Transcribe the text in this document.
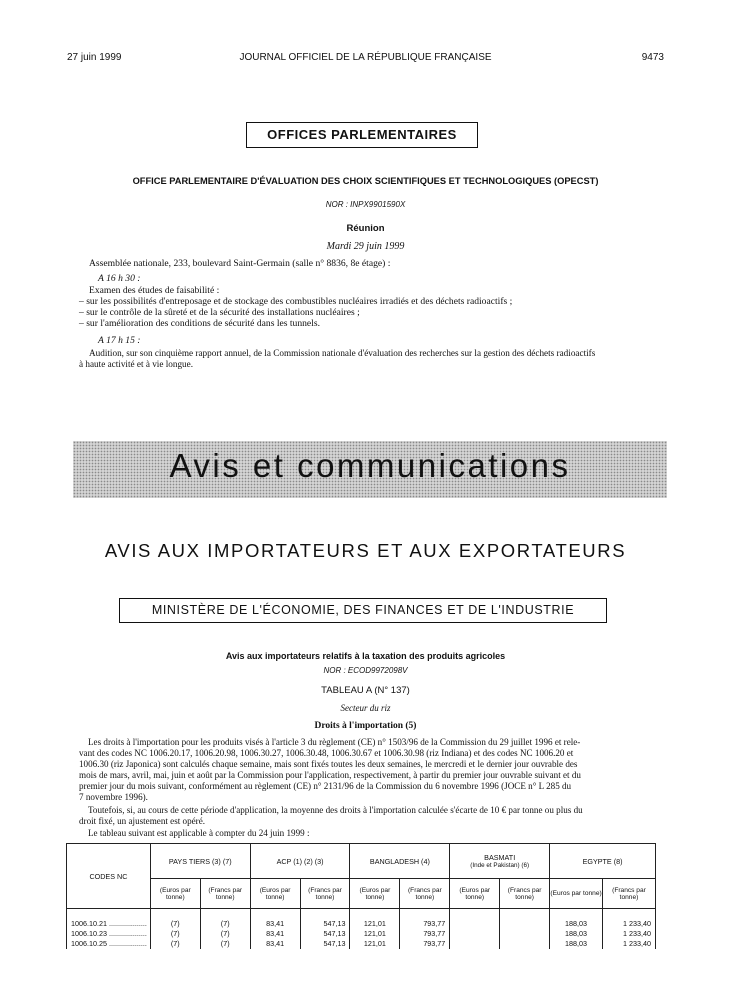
27 juin 1999	JOURNAL OFFICIEL DE LA RÉPUBLIQUE FRANÇAISE	9473
OFFICES PARLEMENTAIRES
OFFICE PARLEMENTAIRE D'ÉVALUATION DES CHOIX SCIENTIFIQUES ET TECHNOLOGIQUES (OPECST)
NOR : INPX9901590X
Réunion
Mardi 29 juin 1999
Assemblée nationale, 233, boulevard Saint-Germain (salle n° 8836, 8e étage) :
A 16 h 30 :
Examen des études de faisabilité :
– sur les possibilités d'entreposage et de stockage des combustibles nucléaires irradiés et des déchets radioactifs ;
– sur le contrôle de la sûreté et de la sécurité des installations nucléaires ;
– sur l'amélioration des conditions de sécurité dans les tunnels.
A 17 h 15 :
Audition, sur son cinquième rapport annuel, de la Commission nationale d'évaluation des recherches sur la gestion des déchets radioactifs
à haute activité et à vie longue.
Avis et communications
AVIS AUX IMPORTATEURS ET AUX EXPORTATEURS
MINISTÈRE DE L'ÉCONOMIE, DES FINANCES ET DE L'INDUSTRIE
Avis aux importateurs relatifs à la taxation des produits agricoles
NOR : ECOD9972098V
TABLEAU A (N° 137)
Secteur du riz
Droits à l'importation (5)
Les droits à l'importation pour les produits visés à l'article 3 du règlement (CE) n° 1503/96 de la Commission du 29 juillet 1996 et rele-
vant des codes NC 1006.20.17, 1006.20.98, 1006.30.27, 1006.30.48, 1006.30.67 et 1006.30.98 (riz Indiana) et des codes NC 1006.20 et
1006.30 (riz Japonica) sont calculés chaque semaine, mais sont fixés toutes les deux semaines, le mercredi et le dernier jour ouvrable des
mois de mars, avril, mai, juin et août par la Commission pour l'application, respectivement, à partir du premier jour ouvrable suivant et du
premier jour du mois suivant, conformément au règlement (CE) n° 2131/96 de la Commission du 6 novembre 1996 (JOCE n° L 285 du
7 novembre 1996).
Toutefois, si, au cours de cette période d'application, la moyenne des droits à l'importation calculée s'écarte de 10 € par tonne ou plus du
droit fixé, un ajustement est opéré.
Le tableau suivant est applicable à compter du 24 juin 1999 :
CODES NC	PAYS TIERS (3) (7)		ACP (1) (2) (3)		BANGLADESH (4)		BASMATI
(Inde et Pakistan) (6)		EGYPTE (8)	
	(Euros par tonne)	(Francs par tonne)	(Euros par tonne)	(Francs par tonne)	(Euros par tonne)	(Francs par tonne)	(Euros par tonne)	(Francs par tonne)	(Euros par tonne)	(Francs par tonne)

1006.10.21 ...................	(7)	(7)	83,41	547,13	121,01	793,77			188,03	1 233,40
1006.10.23 ...................	(7)	(7)	83,41	547,13	121,01	793,77			188,03	1 233,40
1006.10.25 ...................	(7)	(7)	83,41	547,13	121,01	793,77			188,03	1 233,40
